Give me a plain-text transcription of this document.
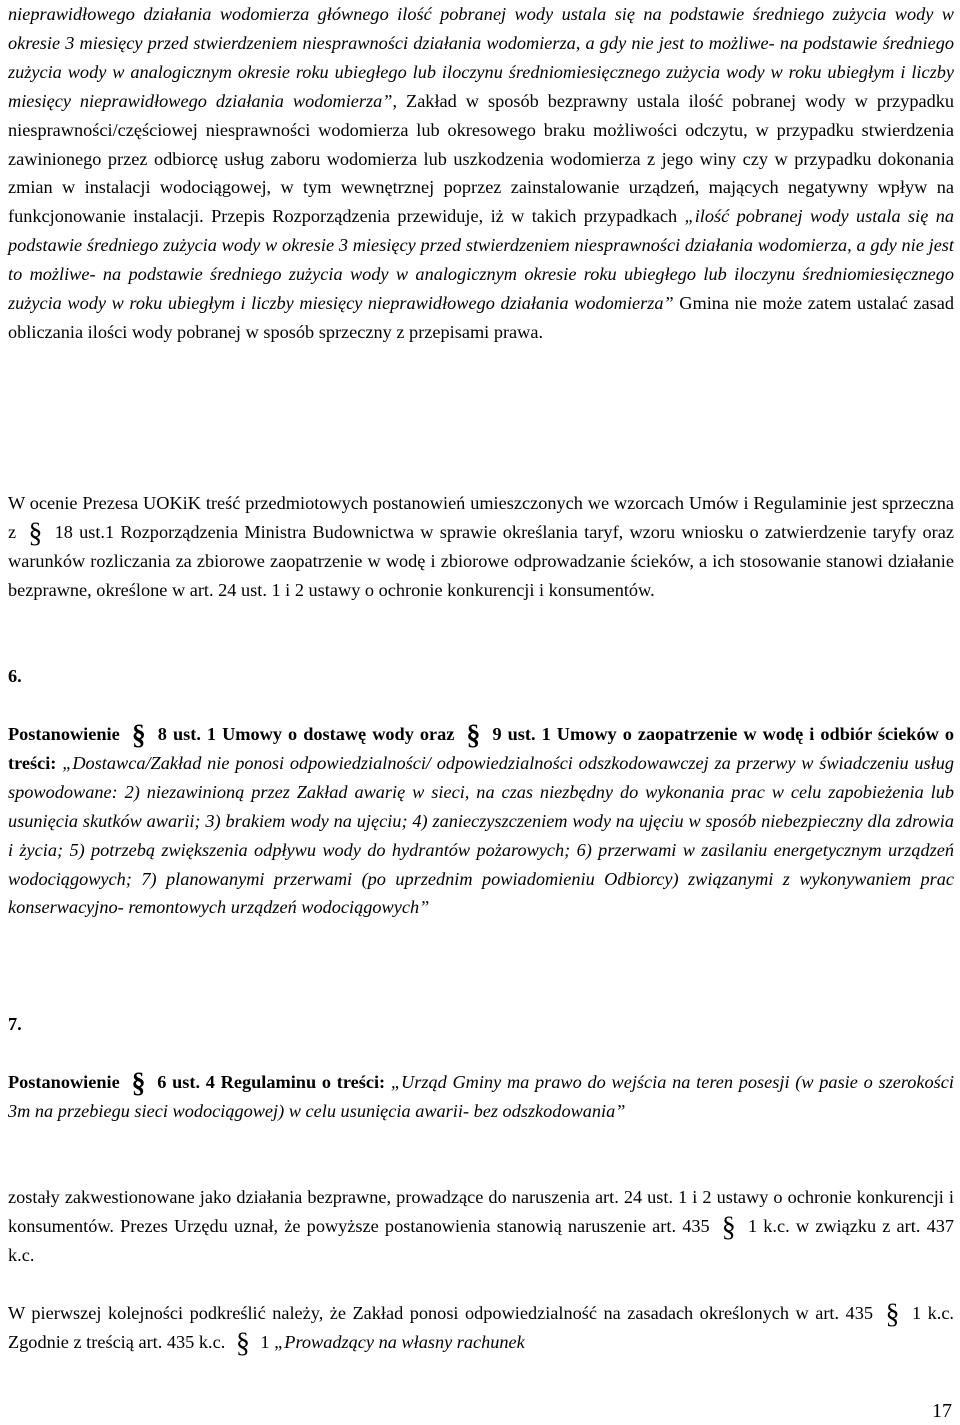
nieprawidłowego działania wodomierza głównego ilość pobranej wody ustala się na podstawie średniego zużycia wody w okresie 3 miesięcy przed stwierdzeniem niesprawności działania wodomierza, a gdy nie jest to możliwe- na podstawie średniego zużycia wody w analogicznym okresie roku ubiegłego lub iloczynu średniomiesięcznego zużycia wody w roku ubiegłym i liczby miesięcy nieprawidłowego działania wodomierza”, Zakład w sposób bezprawny ustala ilość pobranej wody w przypadku niesprawności/częściowej niesprawności wodomierza lub okresowego braku możliwości odczytu, w przypadku stwierdzenia zawinionego przez odbiorcę usług zaboru wodomierza lub uszkodzenia wodomierza z jego winy czy w przypadku dokonania zmian w instalacji wodociągowej, w tym wewnętrznej poprzez zainstalowanie urządzeń, mających negatywny wpływ na funkcjonowanie instalacji. Przepis Rozporządzenia przewiduje, iż w takich przypadkach „ilość pobranej wody ustala się na podstawie średniego zużycia wody w okresie 3 miesięcy przed stwierdzeniem niesprawności działania wodomierza, a gdy nie jest to możliwe- na podstawie średniego zużycia wody w analogicznym okresie roku ubiegłego lub iloczynu średniomiesięcznego zużycia wody w roku ubiegłym i liczby miesięcy nieprawidłowego działania wodomierza” Gmina nie może zatem ustalać zasad obliczania ilości wody pobranej w sposób sprzeczny z przepisami prawa.

W ocenie Prezesa UOKiK treść przedmiotowych postanowień umieszczonych we wzorcach Umów i Regulaminie jest sprzeczna z § 18 ust.1 Rozporządzenia Ministra Budownictwa w sprawie określania taryf, wzoru wniosku o zatwierdzenie taryfy oraz warunków rozliczania za zbiorowe zaopatrzenie w wodę i zbiorowe odprowadzanie ścieków, a ich stosowanie stanowi działanie bezprawne, określone w art. 24 ust. 1 i 2 ustawy o ochronie konkurencji i konsumentów.

6.

Postanowienie § 8 ust. 1 Umowy o dostawę wody oraz § 9 ust. 1 Umowy o zaopatrzenie w wodę i odbiór ścieków o treści: „Dostawca/Zakład nie ponosi odpowiedzialności/ odpowiedzialności odszkodowawczej za przerwy w świadczeniu usług spowodowane: 2) niezawinioną przez Zakład awarię w sieci, na czas niezbędny do wykonania prac w celu zapobieżenia lub usunięcia skutków awarii; 3) brakiem wody na ujęciu; 4) zanieczyszczeniem wody na ujęciu w sposób niebezpieczny dla zdrowia i życia; 5) potrzebą zwiększenia odpływu wody do hydrantów pożarowych; 6) przerwami w zasilaniu energetycznym urządzeń wodociągowych; 7) planowanymi przerwami (po uprzednim powiadomieniu Odbiorcy) związanymi z wykonywaniem prac konserwacyjno- remontowych urządzeń wodociągowych”

7.

Postanowienie § 6 ust. 4 Regulaminu o treści: „Urząd Gminy ma prawo do wejścia na teren posesji (w pasie o szerokości 3m na przebiegu sieci wodociągowej) w celu usunięcia awarii- bez odszkodowania”

zostały zakwestionowane jako działania bezprawne, prowadzące do naruszenia art. 24 ust. 1 i 2 ustawy o ochronie konkurencji i konsumentów. Prezes Urzędu uznał, że powyższe postanowienia stanowią naruszenie art. 435 § 1 k.c. w związku z art. 437 k.c.

W pierwszej kolejności podkreślić należy, że Zakład ponosi odpowiedzialność na zasadach określonych w art. 435 § 1 k.c. Zgodnie z treścią art. 435 k.c. § 1 „Prowadzący na własny rachunek

17
